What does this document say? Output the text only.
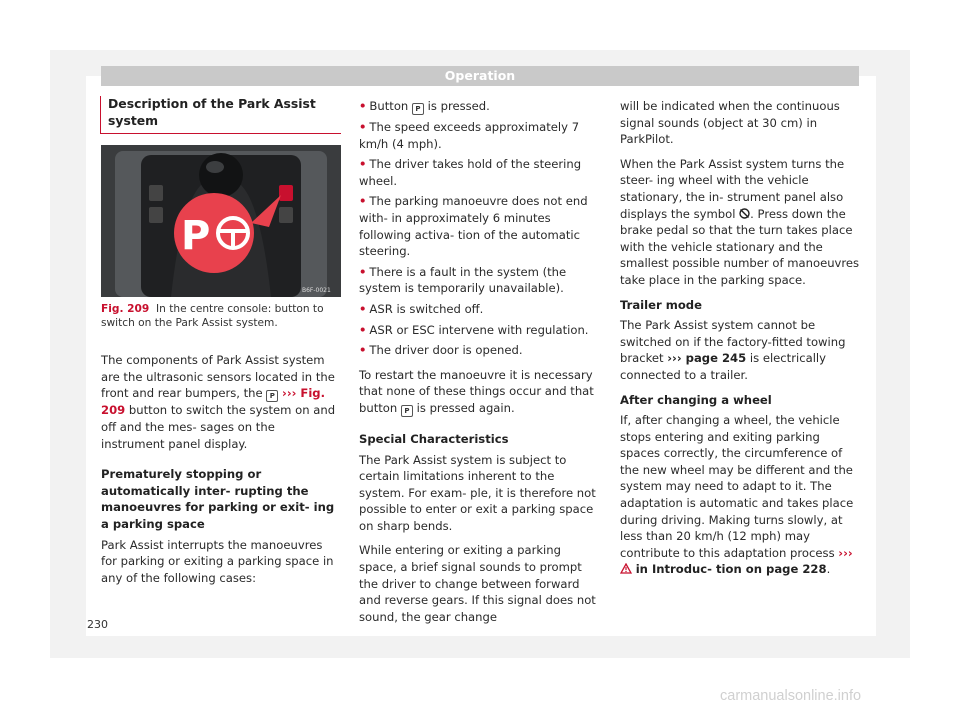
Operation
Description of the Park Assist system
P
B6F-0021
Fig. 209 In the centre console: button to switch on the Park Assist system.

The components of Park Assist system are the ultrasonic sensors located in the front and rear bumpers, the P ››› Fig. 209 button to switch the system on and off and the mes- sages on the instrument panel display.

Prematurely stopping or automatically inter- rupting the manoeuvres for parking or exit- ing a parking space

Park Assist interrupts the manoeuvres for parking or exiting a parking space in any of the following cases:

• Button P is pressed.

• The speed exceeds approximately 7 km/h (4 mph).

• The driver takes hold of the steering wheel.

• The parking manoeuvre does not end with- in approximately 6 minutes following activa- tion of the automatic steering.

• There is a fault in the system (the system is temporarily unavailable).

• ASR is switched off.

• ASR or ESC intervene with regulation.

• The driver door is opened.

To restart the manoeuvre it is necessary that none of these things occur and that button P is pressed again.

Special Characteristics

The Park Assist system is subject to certain limitations inherent to the system. For exam- ple, it is therefore not possible to enter or exit a parking space on sharp bends.

While entering or exiting a parking space, a brief signal sounds to prompt the driver to change between forward and reverse gears. If this signal does not sound, the gear change

will be indicated when the continuous signal sounds (object at 30 cm) in ParkPilot.

When the Park Assist system turns the steer- ing wheel with the vehicle stationary, the in- strument panel also displays the symbol . Press down the brake pedal so that the turn takes place with the vehicle stationary and the smallest possible number of manoeuvres take place in the parking space.

Trailer mode

The Park Assist system cannot be switched on if the factory-fitted towing bracket ››› page 245 is electrically connected to a trailer.

After changing a wheel

If, after changing a wheel, the vehicle stops entering and exiting parking spaces correctly, the circumference of the new wheel may be different and the system may need to adapt to it. The adaptation is automatic and takes place during driving. Making turns slowly, at less than 20 km/h (12 mph) may contribute to this adaptation process ›››  in Introduc- tion on page 228.

230
carmanualsonline.info
